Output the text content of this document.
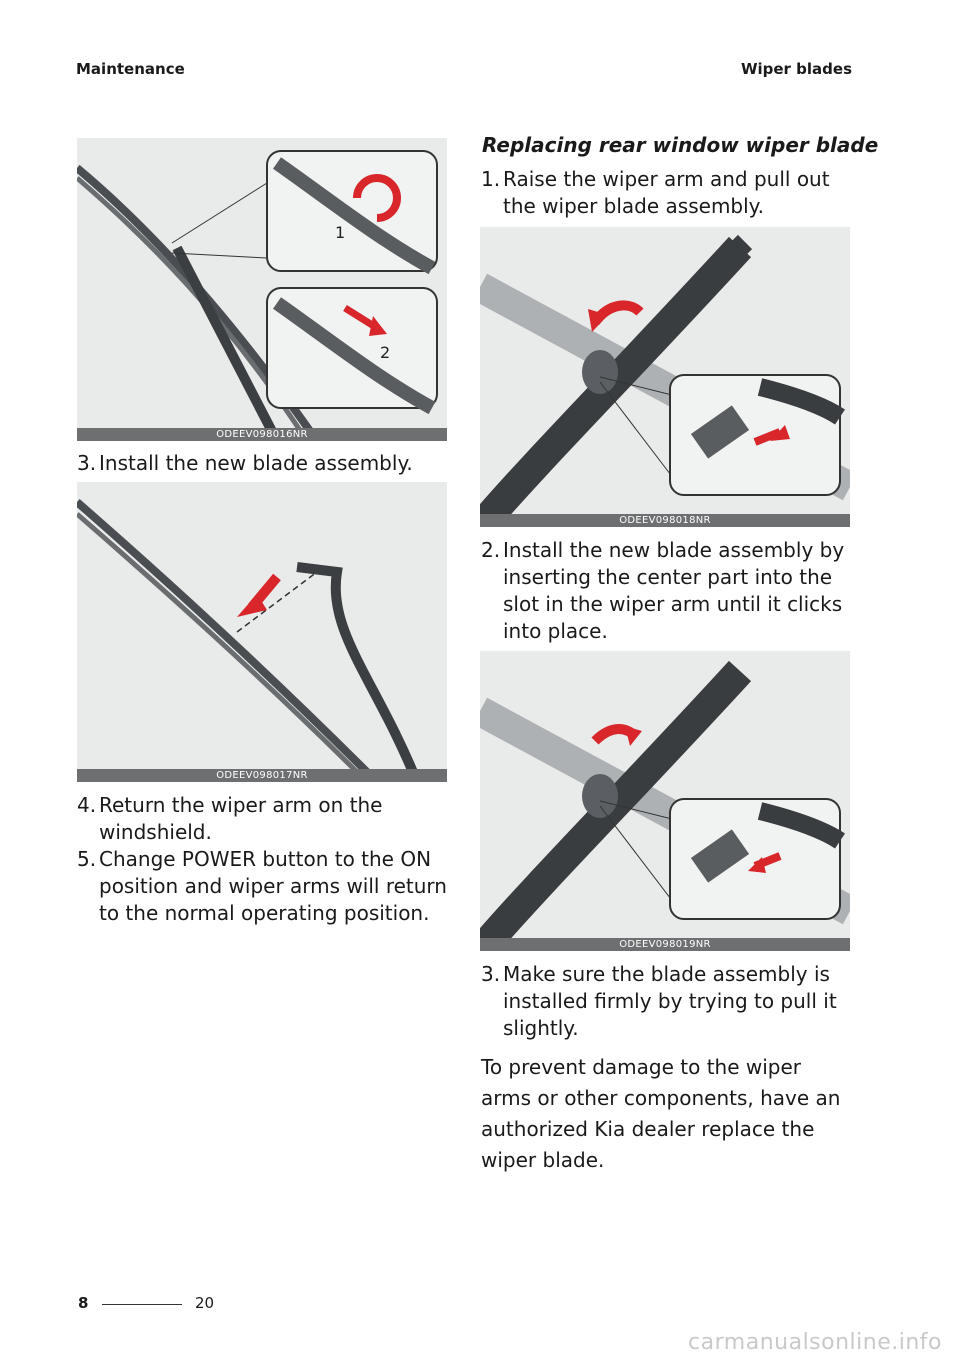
Maintenance	Wiper blades
1
2
ODEEV098016NR
3. Install the new blade assembly.
ODEEV098017NR
4. Return the wiper arm on the windshield.
5. Change POWER button to the ON position and wiper arms will return to the normal operating position.
Replacing rear window wiper blade
1. Raise the wiper arm and pull out the wiper blade assembly.
ODEEV098018NR
2. Install the new blade assembly by inserting the center part into the slot in the wiper arm until it clicks into place.
ODEEV098019NR
3. Make sure the blade assembly is installed firmly by trying to pull it slightly.
To prevent damage to the wiper arms or other components, have an authorized Kia dealer replace the wiper blade.
8	20
carmanualsonline.info
